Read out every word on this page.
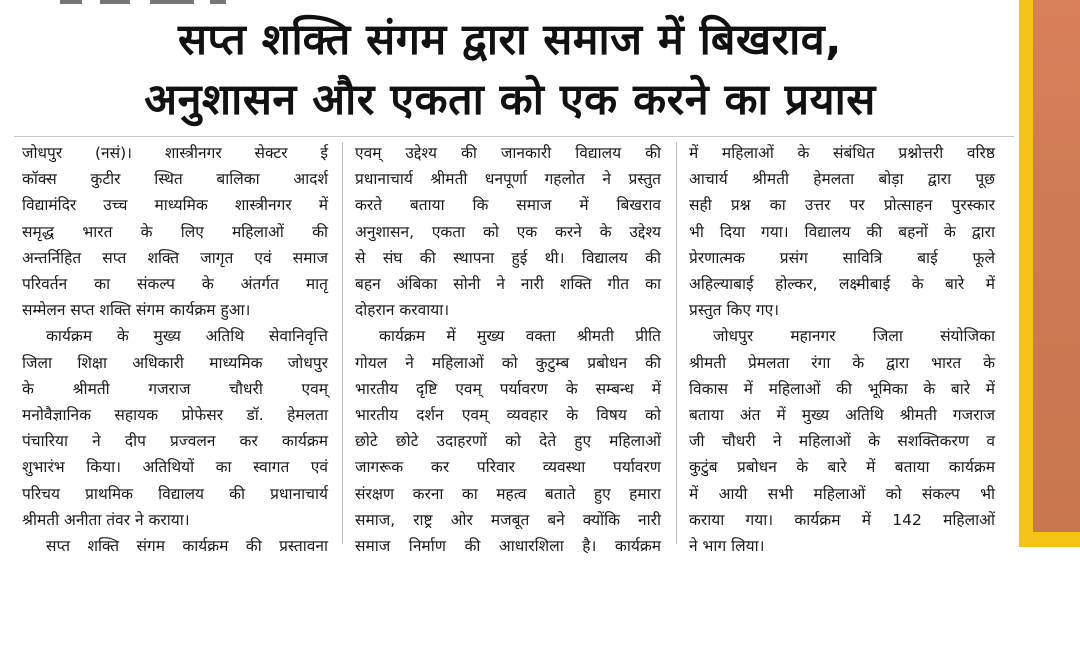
सप्त शक्ति संगम द्वारा समाज में बिखराव,
अनुशासन और एकता को एक करने का प्रयास

जोधपुर (नसं)। शास्त्रीनगर सेक्टर ई

कॉक्स कुटीर स्थित बालिका आदर्श

विद्यामंदिर उच्च माध्यमिक शास्त्रीनगर में

समृद्ध भारत के लिए महिलाओं की

अन्तर्निहित सप्त शक्ति जागृत एवं समाज

परिवर्तन का संकल्प के अंतर्गत मातृ

सम्मेलन सप्त शक्ति संगम कार्यक्रम हुआ।

कार्यक्रम के मुख्य अतिथि सेवानिवृत्ति

जिला शिक्षा अधिकारी माध्यमिक जोधपुर

के श्रीमती गजराज चौधरी एवम्

मनोवैज्ञानिक सहायक प्रोफेसर डॉ. हेमलता

पंचारिया ने दीप प्रज्वलन कर कार्यक्रम

शुभारंभ किया। अतिथियों का स्वागत एवं

परिचय प्राथमिक विद्यालय की प्रधानाचार्य

श्रीमती अनीता तंवर ने कराया।

सप्त शक्ति संगम कार्यक्रम की प्रस्तावना

एवम् उद्देश्य की जानकारी विद्यालय की

प्रधानाचार्य श्रीमती धनपूर्णा गहलोत ने प्रस्तुत

करते बताया कि समाज में बिखराव

अनुशासन, एकता को एक करने के उद्देश्य

से संघ की स्थापना हुई थी। विद्यालय की

बहन अंबिका सोनी ने नारी शक्ति गीत का

दोहरान करवाया।

कार्यक्रम में मुख्य वक्ता श्रीमती प्रीति

गोयल ने महिलाओं को कुटुम्ब प्रबोधन की

भारतीय दृष्टि एवम् पर्यावरण के सम्बन्ध में

भारतीय दर्शन एवम् व्यवहार के विषय को

छोटे छोटे उदाहरणों को देते हुए महिलाओं

जागरूक कर परिवार व्यवस्था पर्यावरण

संरक्षण करना का महत्व बताते हुए हमारा

समाज, राष्ट्र ओर मजबूत बने क्योंकि नारी

समाज निर्माण की आधारशिला है। कार्यक्रम

में महिलाओं के संबंधित प्रश्नोत्तरी वरिष्ठ

आचार्य श्रीमती हेमलता बोड़ा द्वारा पूछ

सही प्रश्न का उत्तर पर प्रोत्साहन पुरस्कार

भी दिया गया। विद्यालय की बहनों के द्वारा

प्रेरणात्मक प्रसंग सावित्रि बाई फूले

अहिल्याबाई होल्कर, लक्ष्मीबाई के बारे में

प्रस्तुत किए गए।

जोधपुर महानगर जिला संयोजिका

श्रीमती प्रेमलता रंगा के द्वारा भारत के

विकास में महिलाओं की भूमिका के बारे में

बताया अंत में मुख्य अतिथि श्रीमती गजराज

जी चौधरी ने महिलाओं के सशक्तिकरण व

कुटुंब प्रबोधन के बारे में बताया कार्यक्रम

में आयी सभी महिलाओं को संकल्प भी

कराया गया। कार्यक्रम में 142 महिलाओं

ने भाग लिया।
